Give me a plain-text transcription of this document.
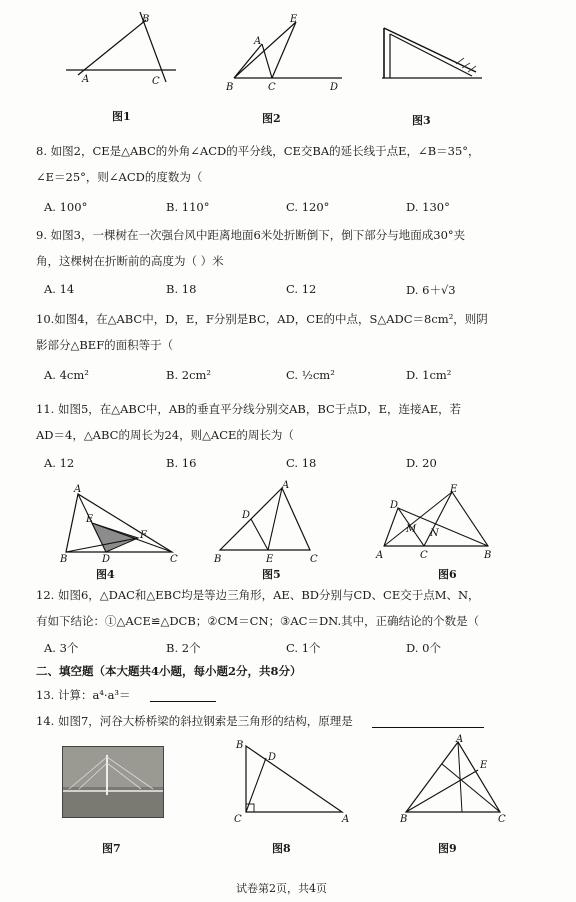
B
A	C
图1
E
A
B	C	D
图2	图3
8. 如图2，CE是△ABC的外角∠ACD的平分线，CE交BA的延长线于点E，∠B＝35°，
∠E＝25°，则∠ACD的度数为（
A. 100°	B. 110°	C. 120°	D. 130°
9. 如图3，一棵树在一次强台风中距离地面6米处折断倒下，倒下部分与地面成30°夹
角，这棵树在折断前的高度为（ ）米
A. 14	B. 18	C. 12	D. 6＋√3
10.如图4，在△ABC中，D，E，F分别是BC，AD，CE的中点，S△ADC＝8cm²，则阴
影部分△BEF的面积等于（
A. 4cm²	B. 2cm²	C. ½cm²	D. 1cm²
11. 如图5，在△ABC中，AB的垂直平分线分别交AB，BC于点D，E，连接AE，若
AD＝4，△ABC的周长为24，则△ACE的周长为（
A. 12	B. 16	C. 18	D. 20
A
E
F
B	D	C
图4
A
D
B	E	C
图5
E
D
A
M N
C	B
图6
12. 如图6，△DAC和△EBC均是等边三角形，AE、BD分别与CD、CE交于点M、N，
有如下结论：①△ACE≌△DCB；②CM＝CN；③AC＝DN.其中，正确结论的个数是（
A. 3个	B. 2个	C. 1个	D. 0个
二、填空题（本大题共4小题，每小题2分，共8分）
13. 计算：a⁴·a³＝
14. 如图7，河谷大桥桥梁的斜拉钢索是三角形的结构，原理是
图7
B
D
C	A
图8
A
E
B	C
图9
试卷第2页，共4页
